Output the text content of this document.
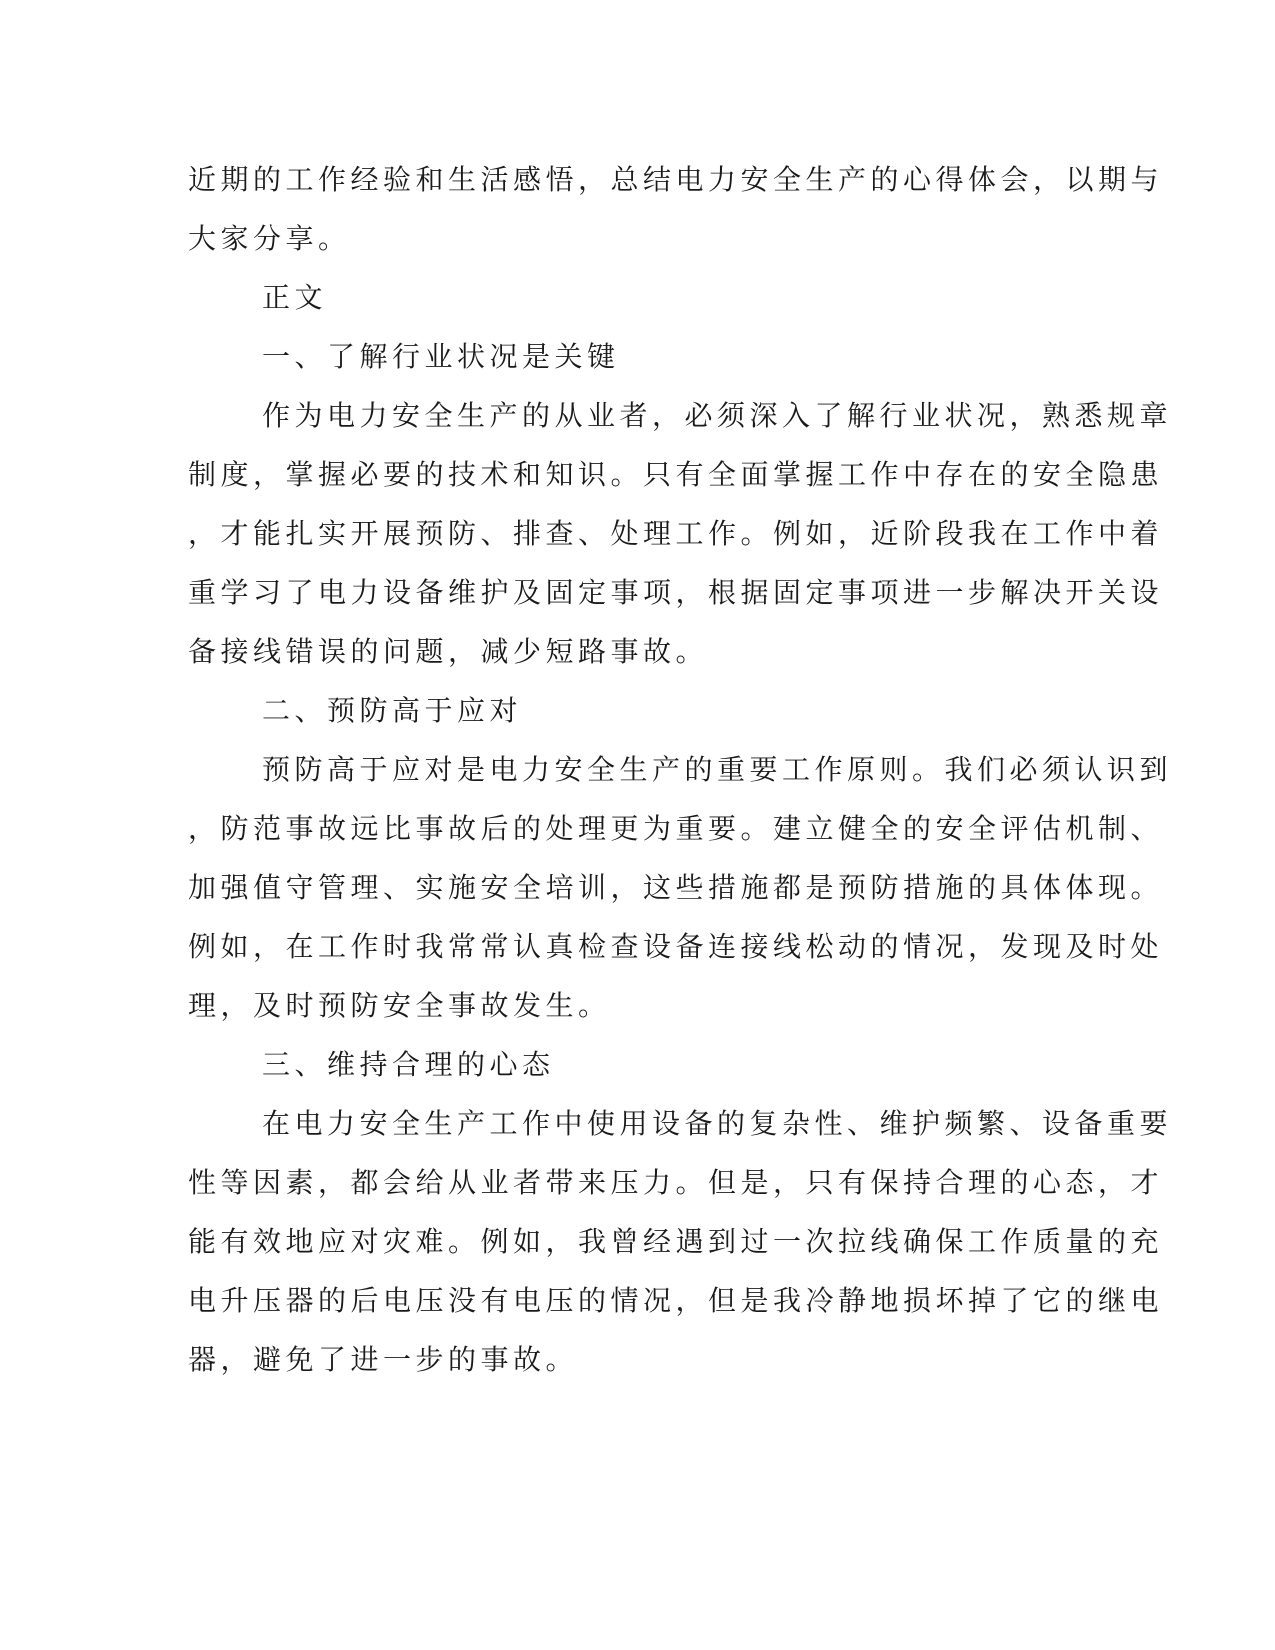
近期的工作经验和生活感悟，总结电力安全生产的心得体会，以期与
大家分享。
正文
一、了解行业状况是关键
作为电力安全生产的从业者，必须深入了解行业状况，熟悉规章
制度，掌握必要的技术和知识。只有全面掌握工作中存在的安全隐患
，才能扎实开展预防、排查、处理工作。例如，近阶段我在工作中着
重学习了电力设备维护及固定事项，根据固定事项进一步解决开关设
备接线错误的问题，减少短路事故。
二、预防高于应对
预防高于应对是电力安全生产的重要工作原则。我们必须认识到
，防范事故远比事故后的处理更为重要。建立健全的安全评估机制、
加强值守管理、实施安全培训，这些措施都是预防措施的具体体现。
例如，在工作时我常常认真检查设备连接线松动的情况，发现及时处
理，及时预防安全事故发生。
三、维持合理的心态
在电力安全生产工作中使用设备的复杂性、维护频繁、设备重要
性等因素，都会给从业者带来压力。但是，只有保持合理的心态，才
能有效地应对灾难。例如，我曾经遇到过一次拉线确保工作质量的充
电升压器的后电压没有电压的情况，但是我冷静地损坏掉了它的继电
器，避免了进一步的事故。
